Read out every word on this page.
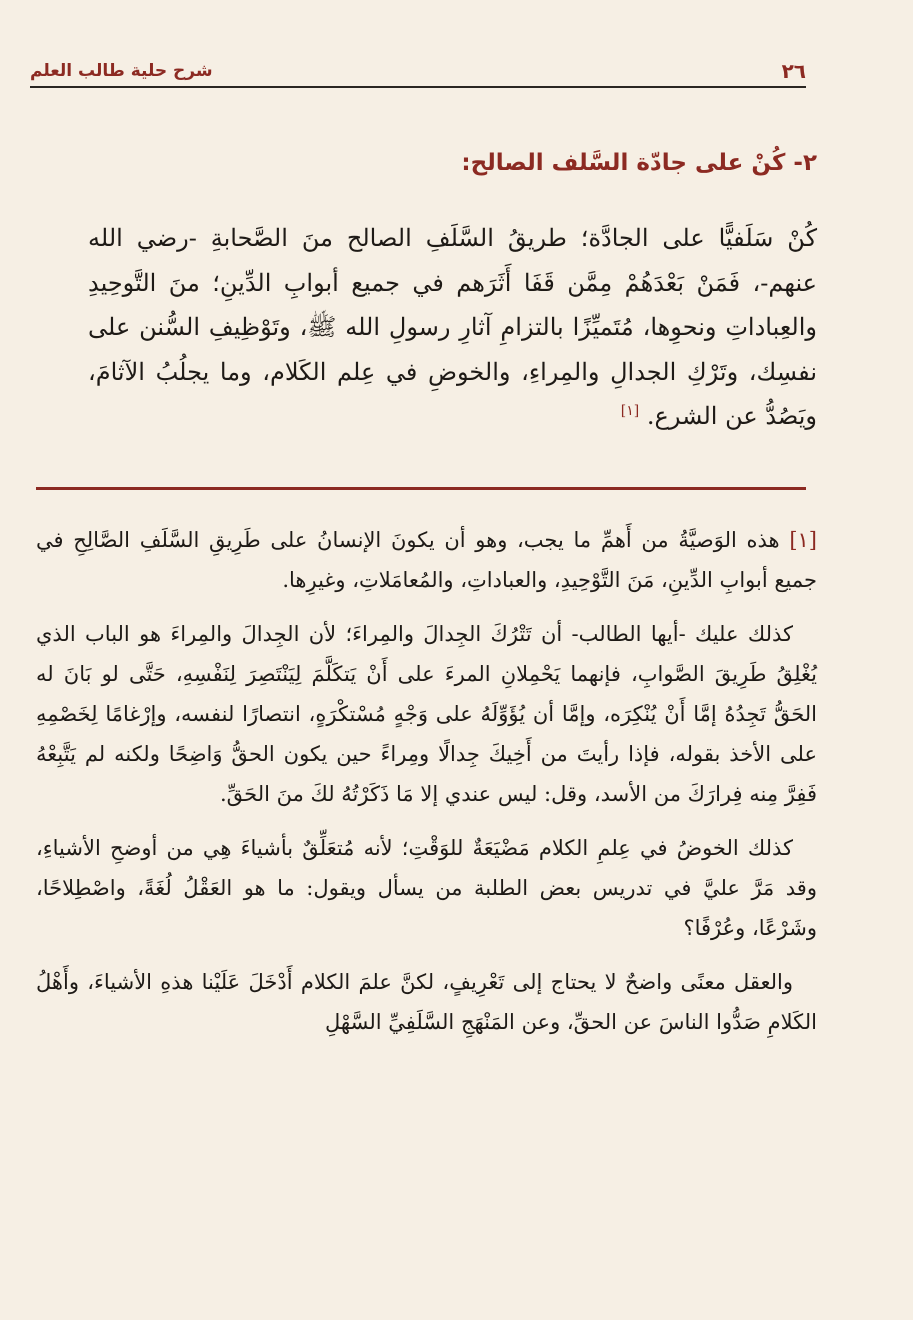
شرح حلية طالب العلم	٢٦
٢- كُنْ على جادّة السَّلف الصالح:
كُنْ سَلَفيًّا على الجادَّة؛ طريقُ السَّلَفِ الصالح منَ الصَّحابةِ -رضي الله عنهم-، فَمَنْ بَعْدَهُمْ مِمَّن قَفَا أَثَرَهم في جميع أبوابِ الدِّينِ؛ منَ التَّوحِيدِ والعِباداتِ ونحوِها، مُتَميِّزًا بالتزامِ آثارِ رسولِ الله ﷺ، وتَوْظِيفِ السُّنن على نفسِك، وتَرْكِ الجدالِ والمِراءِ، والخوضِ في عِلم الكَلام، وما يجلُبُ الآثامَ، ويَصُدُّ عن الشرع. [١]

[١] هذه الوَصيَّةُ من أَهمِّ ما يجب، وهو أن يكونَ الإنسانُ على طَرِيقِ السَّلَفِ الصَّالِحِ في جميع أبوابِ الدِّينِ، مَنَ التَّوْحِيدِ، والعباداتِ، والمُعامَلاتِ، وغيرِها.

كذلك عليك -أيها الطالب- أن تَتْرُكَ الجِدالَ والمِراءَ؛ لأن الجِدالَ والمِراءَ هو الباب الذي يُغْلِقُ طَرِيقَ الصَّوابِ، فإنهما يَحْمِلانِ المرءَ على أَنْ يَتكَلَّمَ لِيَنْتَصِرَ لِنَفْسِهِ، حَتَّى لو بَانَ له الحَقُّ تَجِدُهُ إمَّا أَنْ يُنْكِرَه، وإمَّا أن يُؤَوِّلَهُ على وَجْهٍ مُسْتكْرَهٍ، انتصارًا لنفسه، وإرْغامًا لِخَصْمِهِ على الأخذ بقوله، فإذا رأيتَ من أَخِيكَ جِدالًا ومِراءً حين يكون الحقُّ وَاضِحًا ولكنه لم يَتَّبِعْهُ فَفِرَّ مِنه فِرارَكَ من الأسد، وقل: ليس عندي إلا مَا ذَكَرْتُهُ لكَ منَ الحَقِّ.

كذلك الخوضُ في عِلمِ الكلام مَضْيَعَةٌ للوَقْتِ؛ لأنه مُتعَلِّقٌ بأشياءَ هِي من أوضحِ الأشياءِ، وقد مَرَّ عليَّ في تدريس بعض الطلبة من يسأل ويقول: ما هو العَقْلُ لُغَةً، واصْطِلاحًا، وشَرْعًا، وعُرْفًا؟

والعقل معنًى واضحٌ لا يحتاج إلى تَعْرِيفٍ، لكنَّ علمَ الكلام أَدْخَلَ عَلَيْنا هذهِ الأشياءَ، وأَهْلُ الكَلامِ صَدُّوا الناسَ عن الحقِّ، وعن المَنْهَجِ السَّلَفِيِّ السَّهْلِ
